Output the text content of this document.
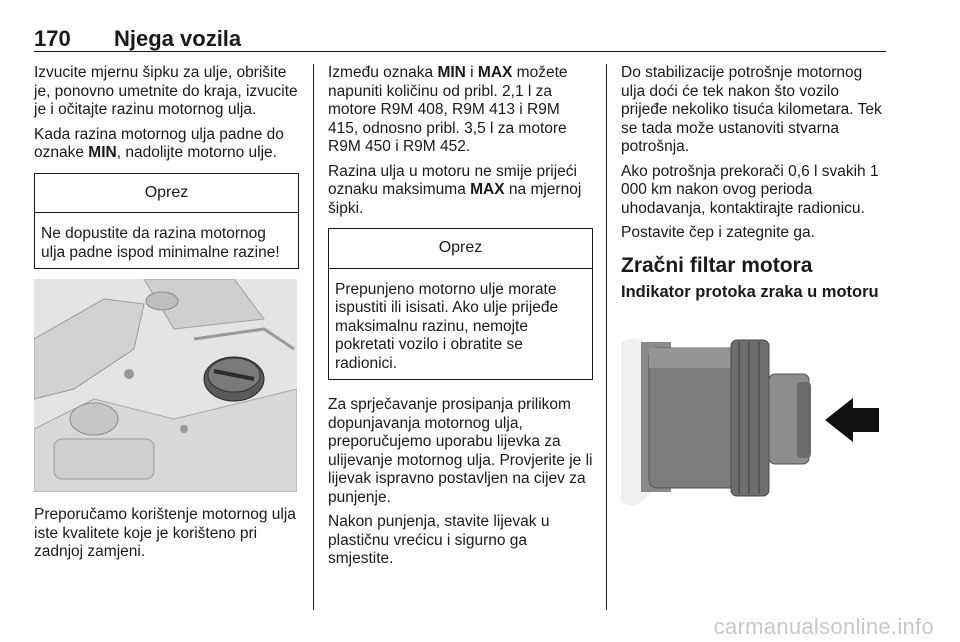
170 Njega vozila

Izvucite mjernu šipku za ulje, obrišite je, ponovno umetnite do kraja, izvucite je i očitajte razinu motornog ulja.

Kada razina motornog ulja padne do oznake MIN, nadolijte motorno ulje.

Oprez
Ne dopustite da razina motornog ulja padne ispod minimalne razine!

Preporučamo korištenje motornog ulja iste kvalitete koje je korišteno pri zadnjoj zamjeni.

Između oznaka MIN i MAX možete napuniti količinu od pribl. 2,1 l za motore R9M 408, R9M 413 i R9M 415, odnosno pribl. 3,5 l za motore R9M 450 i R9M 452.

Razina ulja u motoru ne smije prijeći oznaku maksimuma MAX na mjernoj šipki.

Oprez
Prepunjeno motorno ulje morate ispustiti ili isisati. Ako ulje prijeđe maksimalnu razinu, nemojte pokretati vozilo i obratite se radionici.

Za sprječavanje prosipanja prilikom dopunjavanja motornog ulja, preporučujemo uporabu lijevka za ulijevanje motornog ulja. Provjerite je li lijevak ispravno postavljen na cijev za punjenje.

Nakon punjenja, stavite lijevak u plastičnu vrećicu i sigurno ga smjestite.

Do stabilizacije potrošnje motornog ulja doći će tek nakon što vozilo prijeđe nekoliko tisuća kilometara. Tek se tada može ustanoviti stvarna potrošnja.

Ako potrošnja prekorači 0,6 l svakih 1 000 km nakon ovog perioda uhodavanja, kontaktirajte radionicu.

Postavite čep i zategnite ga.

Zračni filtar motora
Indikator protoka zraka u motoru
carmanualsonline.info
